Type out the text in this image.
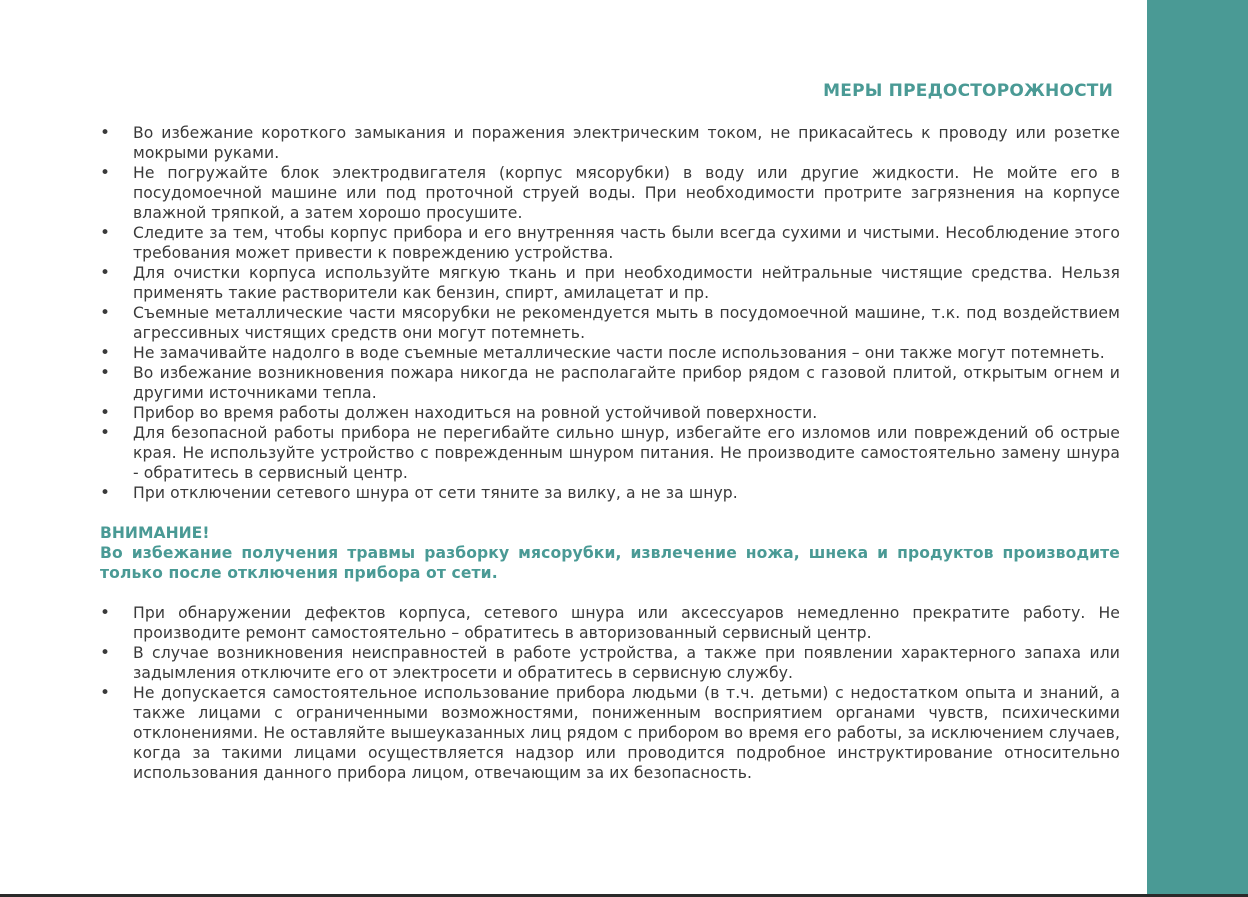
МЕРЫ ПРЕДОСТОРОЖНОСТИ
• Во избежание короткого замыкания и поражения электрическим током, не прикасайтесь к проводу или розетке мокрыми руками.
• Не погружайте блок электродвигателя (корпус мясорубки) в воду или другие жидкости. Не мойте его в посудомоечной машине или под проточной струей воды. При необходимости протрите загрязнения на корпусе влажной тряпкой, а затем хорошо просушите.
• Следите за тем, чтобы корпус прибора и его внутренняя часть были всегда сухими и чистыми. Несоблюдение этого требования может привести к повреждению устройства.
• Для очистки корпуса используйте мягкую ткань и при необходимости нейтральные чистящие средства. Нельзя применять такие растворители как бензин, спирт, амилацетат и пр.
• Съемные металлические части мясорубки не рекомендуется мыть в посудомоечной машине, т.к. под воздействием агрессивных чистящих средств они могут потемнеть.
• Не замачивайте надолго в воде съемные металлические части после использования – они также могут потемнеть.
• Во избежание возникновения пожара никогда не располагайте прибор рядом с газовой плитой, открытым огнем и другими источниками тепла.
• Прибор во время работы должен находиться на ровной устойчивой поверхности.
• Для безопасной работы прибора не перегибайте сильно шнур, избегайте его изломов или повреждений об острые края. Не используйте устройство с поврежденным шнуром питания. Не производите самостоятельно замену шнура - обратитесь в сервисный центр.
• При отключении сетевого шнура от сети тяните за вилку, а не за шнур.
ВНИМАНИЕ!
Во избежание получения травмы разборку мясорубки, извлечение ножа, шнека и продуктов производите только после отключения прибора от сети.
• При обнаружении дефектов корпуса, сетевого шнура или аксессуаров немедленно прекратите работу. Не производите ремонт самостоятельно – обратитесь в авторизованный сервисный центр.
• В случае возникновения неисправностей в работе устройства, а также при появлении характерного запаха или задымления отключите его от электросети и обратитесь в сервисную службу.
• Не допускается самостоятельное использование прибора людьми (в т.ч. детьми) с недостатком опыта и знаний, а также лицами с ограниченными возможностями, пониженным восприятием органами чувств, психическими отклонениями. Не оставляйте вышеуказанных лиц рядом с прибором во время его работы, за исключением случаев, когда за такими лицами осуществляется надзор или проводится подробное инструктирование относительно использования данного прибора лицом, отвечающим за их безопасность.
